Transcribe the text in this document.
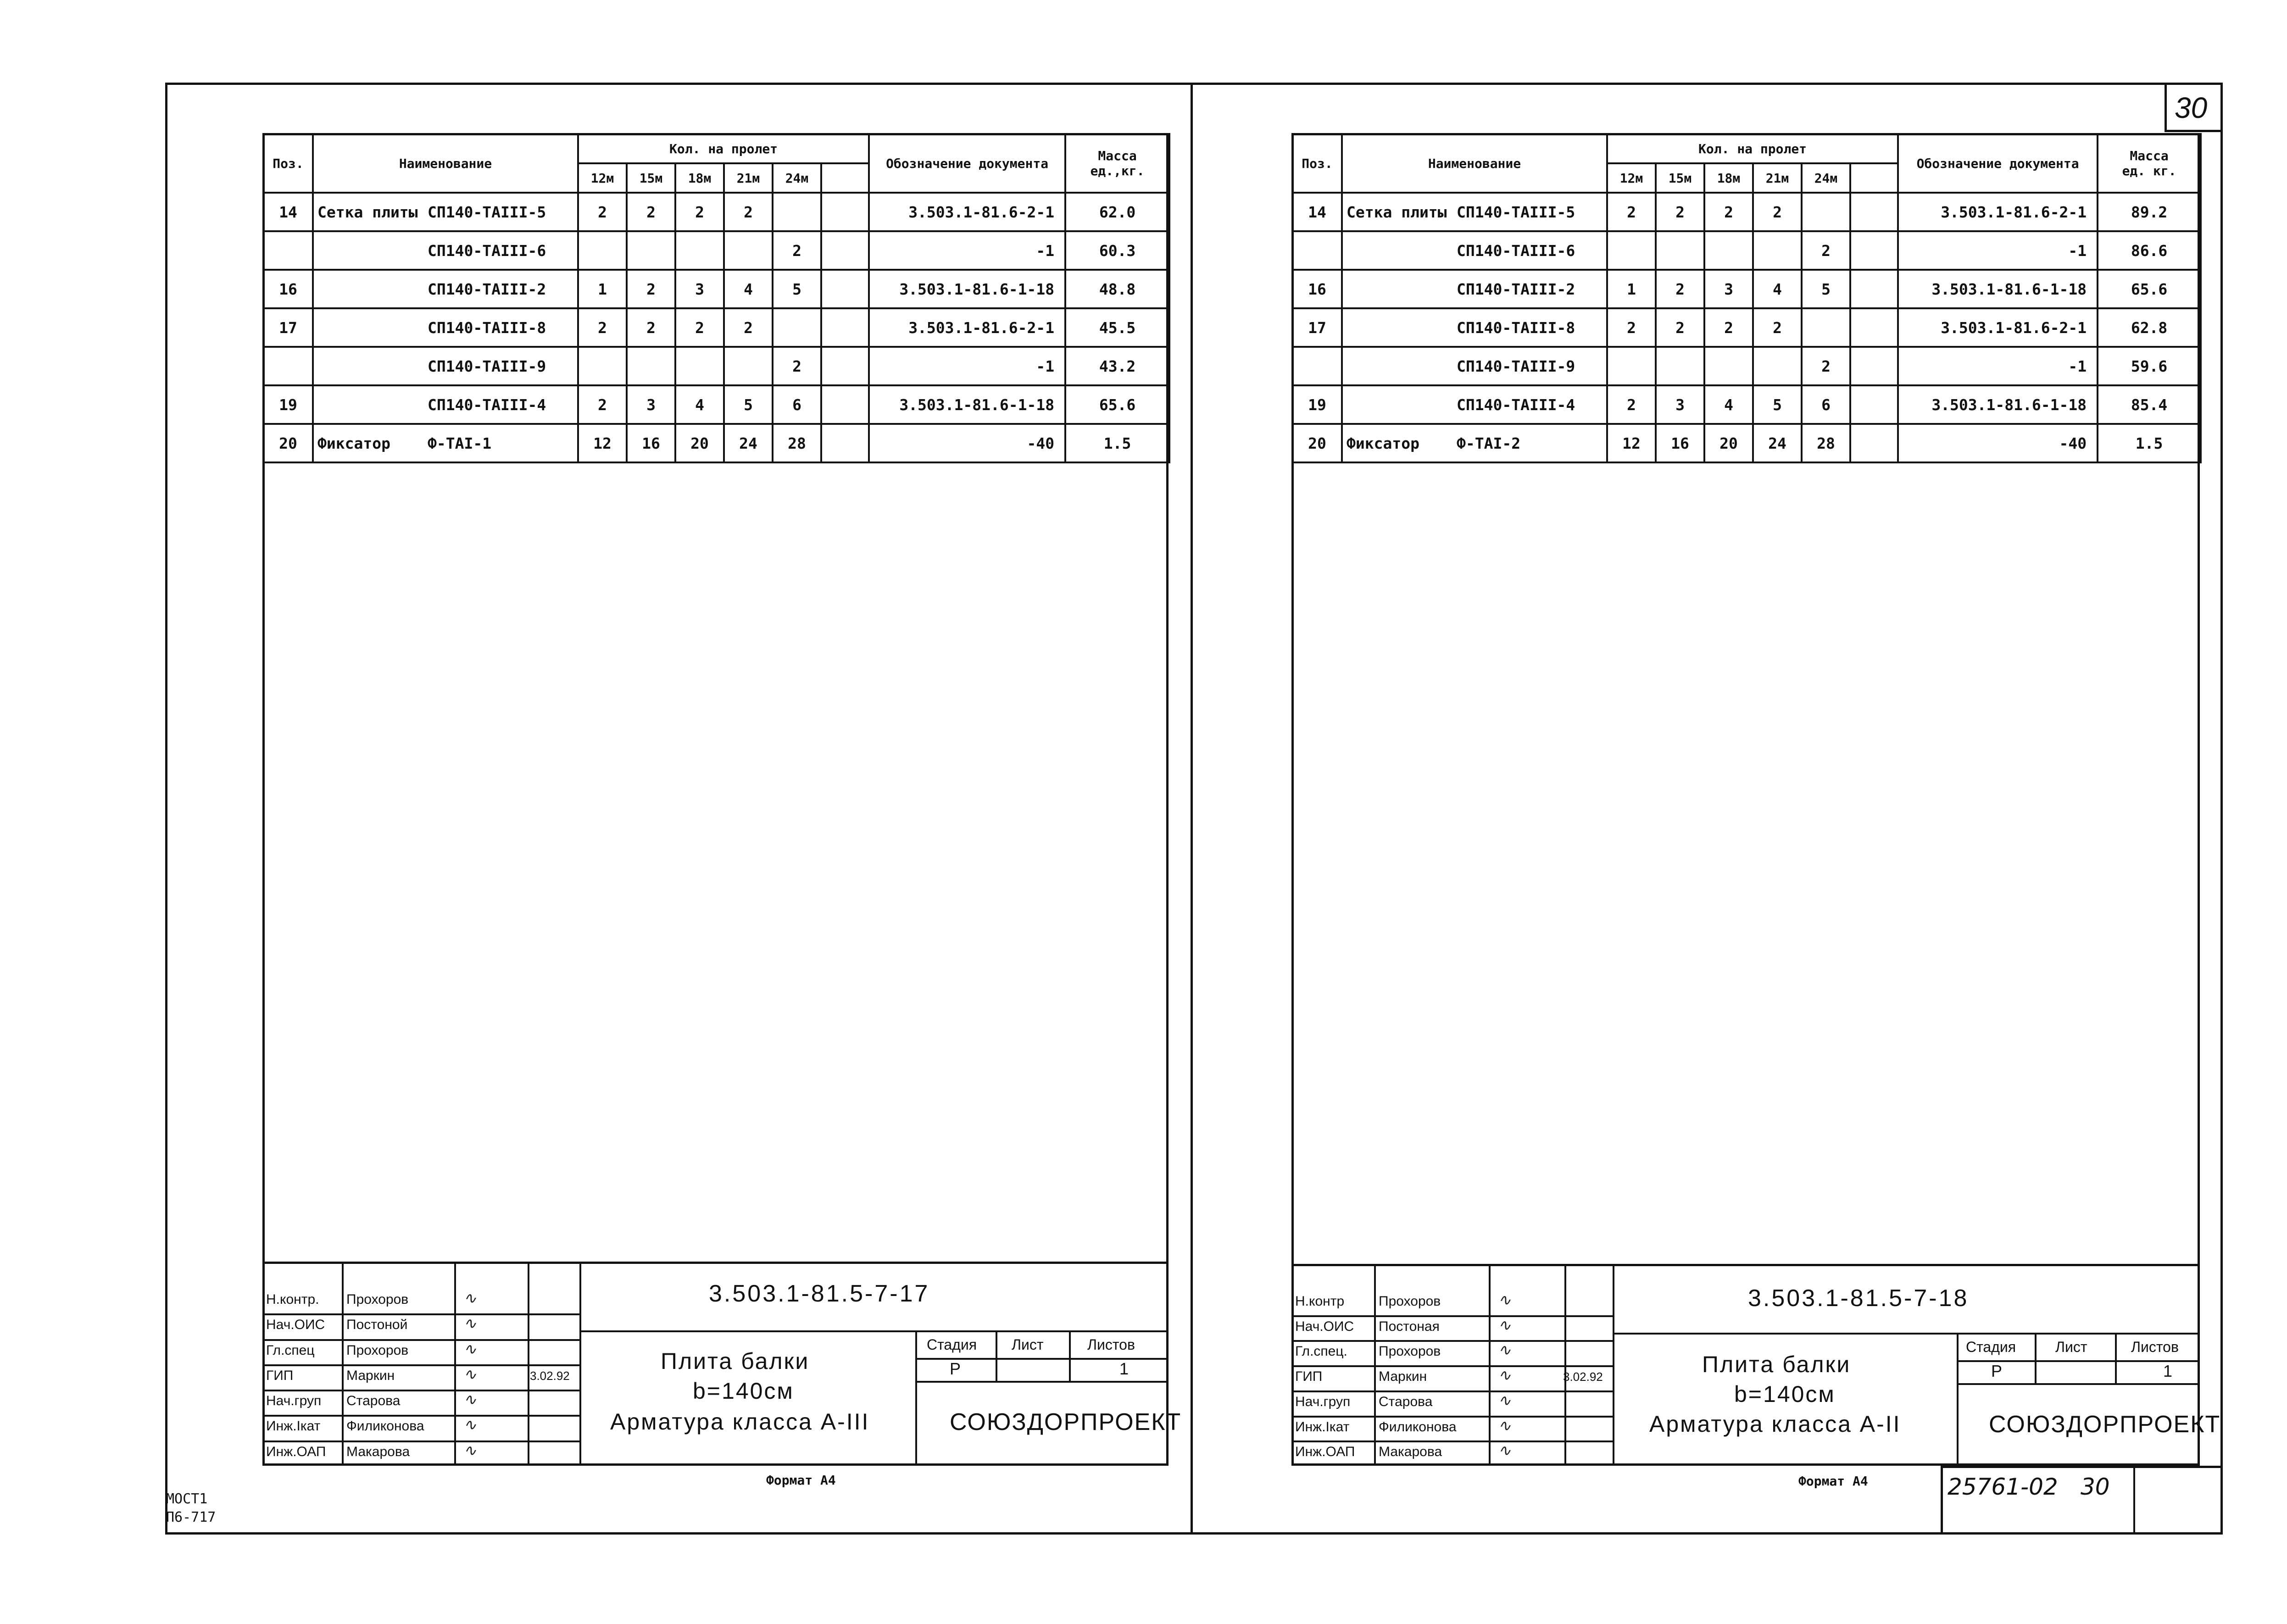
30
МОСТ1
П6-717
Поз.	Наименование	Кол. на пролет						Обозначение документа	Масса
ед.,кг.

		12м	15м	18м	21м	24м			
14	Сетка плиты СП140-ТАIII-5	2	2	2	2			3.503.1-81.6-2-1	62.0
	СП140-ТАIII-6					2		-1	60.3
16	СП140-ТАIII-2	1	2	3	4	5		3.503.1-81.6-1-18	48.8
17	СП140-ТАIII-8	2	2	2	2			3.503.1-81.6-2-1	45.5
	СП140-ТАIII-9					2		-1	43.2
19	СП140-ТАIII-4	2	3	4	5	6		3.503.1-81.6-1-18	65.6
20	Фиксатор Ф-ТАI-1	12	16	20	24	28		-40	1.5
Н.контр. Прохоров	∿
Нач.ОИС Постоной	∿
Гл.спец Прохоров	∿
ГИП	Маркин	∿	3.02.92
Нач.груп Старова	∿
Инж.Iкат Филиконова	∿
Инж.ОАП Макарова	∿
3.503.1-81.5-7-17
Плита балки
b=140см
Арматура класса А-III
Стадия Лист	Листов
Р	1
СОЮЗДОРПРОЕКТ
Формат А4
Поз.	Наименование	Кол. на пролет						Обозначение документа	Масса
ед. кг.

		12м	15м	18м	21м	24м			
14	Сетка плиты СП140-ТАIII-5	2	2	2	2			3.503.1-81.6-2-1	89.2
	СП140-ТАIII-6					2		-1	86.6
16	СП140-ТАIII-2	1	2	3	4	5		3.503.1-81.6-1-18	65.6
17	СП140-ТАIII-8	2	2	2	2			3.503.1-81.6-2-1	62.8
	СП140-ТАIII-9					2		-1	59.6
19	СП140-ТАIII-4	2	3	4	5	6		3.503.1-81.6-1-18	85.4
20	Фиксатор Ф-ТАI-2	12	16	20	24	28		-40	1.5
Н.контр Прохоров	∿
Нач.ОИС Постоная	∿
Гл.спец. Прохоров	∿
ГИП	Маркин	∿	3.02.92
Нач.груп Старова	∿
Инж.Iкат Филиконова	∿
Инж.ОАП Макарова	∿
3.503.1-81.5-7-18
Плита балки
b=140см
Арматура класса А-II
Стадия	Лист	Листов
Р	1
СОЮЗДОРПРОЕКТ
Формат А4	25761-02 30
